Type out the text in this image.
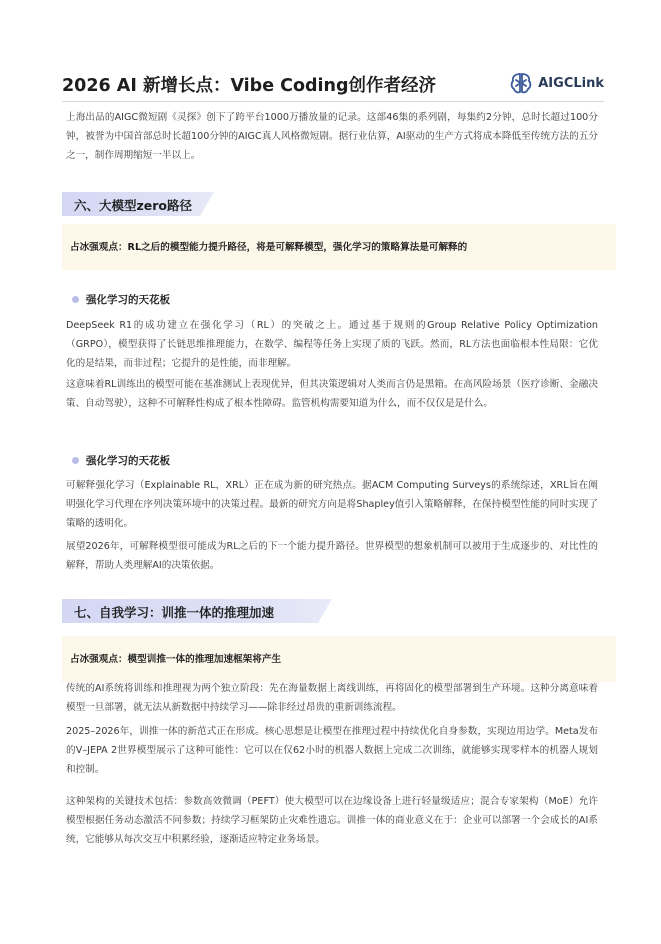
2026 AI 新增长点：Vibe Coding创作者经济	AIGCLink
上海出品的AIGC微短剧《灵探》创下了跨平台1000万播放量的记录。这部46集的系列剧，每集约2分钟，总时长超过100分钟，被誉为中国首部总时长超100分钟的AIGC真人风格微短剧。据行业估算，AI驱动的生产方式将成本降低至传统方法的五分之一，制作周期缩短一半以上。
六、大模型zero路径
占冰强观点：RL之后的模型能力提升路径，将是可解释模型，强化学习的策略算法是可解释的
强化学习的天花板
DeepSeek R1的成功建立在强化学习（RL）的突破之上。通过基于规则的Group Relative Policy Optimization（GRPO），模型获得了长链思维推理能力，在数学、编程等任务上实现了质的飞跃。然而，RL方法也面临根本性局限：它优化的是结果，而非过程；它提升的是性能，而非理解。
这意味着RL训练出的模型可能在基准测试上表现优异，但其决策逻辑对人类而言仍是黑箱。在高风险场景（医疗诊断、金融决策、自动驾驶），这种不可解释性构成了根本性障碍。监管机构需要知道为什么，而不仅仅是是什么。
强化学习的天花板
可解释强化学习（Explainable RL，XRL）正在成为新的研究热点。据ACM Computing Surveys的系统综述，XRL旨在阐明强化学习代理在序列决策环境中的决策过程。最新的研究方向是将Shapley值引入策略解释，在保持模型性能的同时实现了策略的透明化。
展望2026年，可解释模型很可能成为RL之后的下一个能力提升路径。世界模型的想象机制可以被用于生成逐步的、对比性的解释，帮助人类理解AI的决策依据。
七、自我学习：训推一体的推理加速
占冰强观点：模型训推一体的推理加速框架将产生
传统的AI系统将训练和推理视为两个独立阶段：先在海量数据上离线训练，再将固化的模型部署到生产环境。这种分离意味着模型一旦部署，就无法从新数据中持续学习——除非经过昂贵的重新训练流程。
2025–2026年，训推一体的新范式正在形成。核心思想是让模型在推理过程中持续优化自身参数，实现边用边学。Meta发布的V–JEPA 2世界模型展示了这种可能性：它可以在仅62小时的机器人数据上完成二次训练，就能够实现零样本的机器人规划和控制。
这种架构的关键技术包括：参数高效微调（PEFT）使大模型可以在边缘设备上进行轻量级适应；混合专家架构（MoE）允许模型根据任务动态激活不同参数；持续学习框架防止灾难性遗忘。训推一体的商业意义在于：企业可以部署一个会成长的AI系统，它能够从每次交互中积累经验，逐渐适应特定业务场景。
